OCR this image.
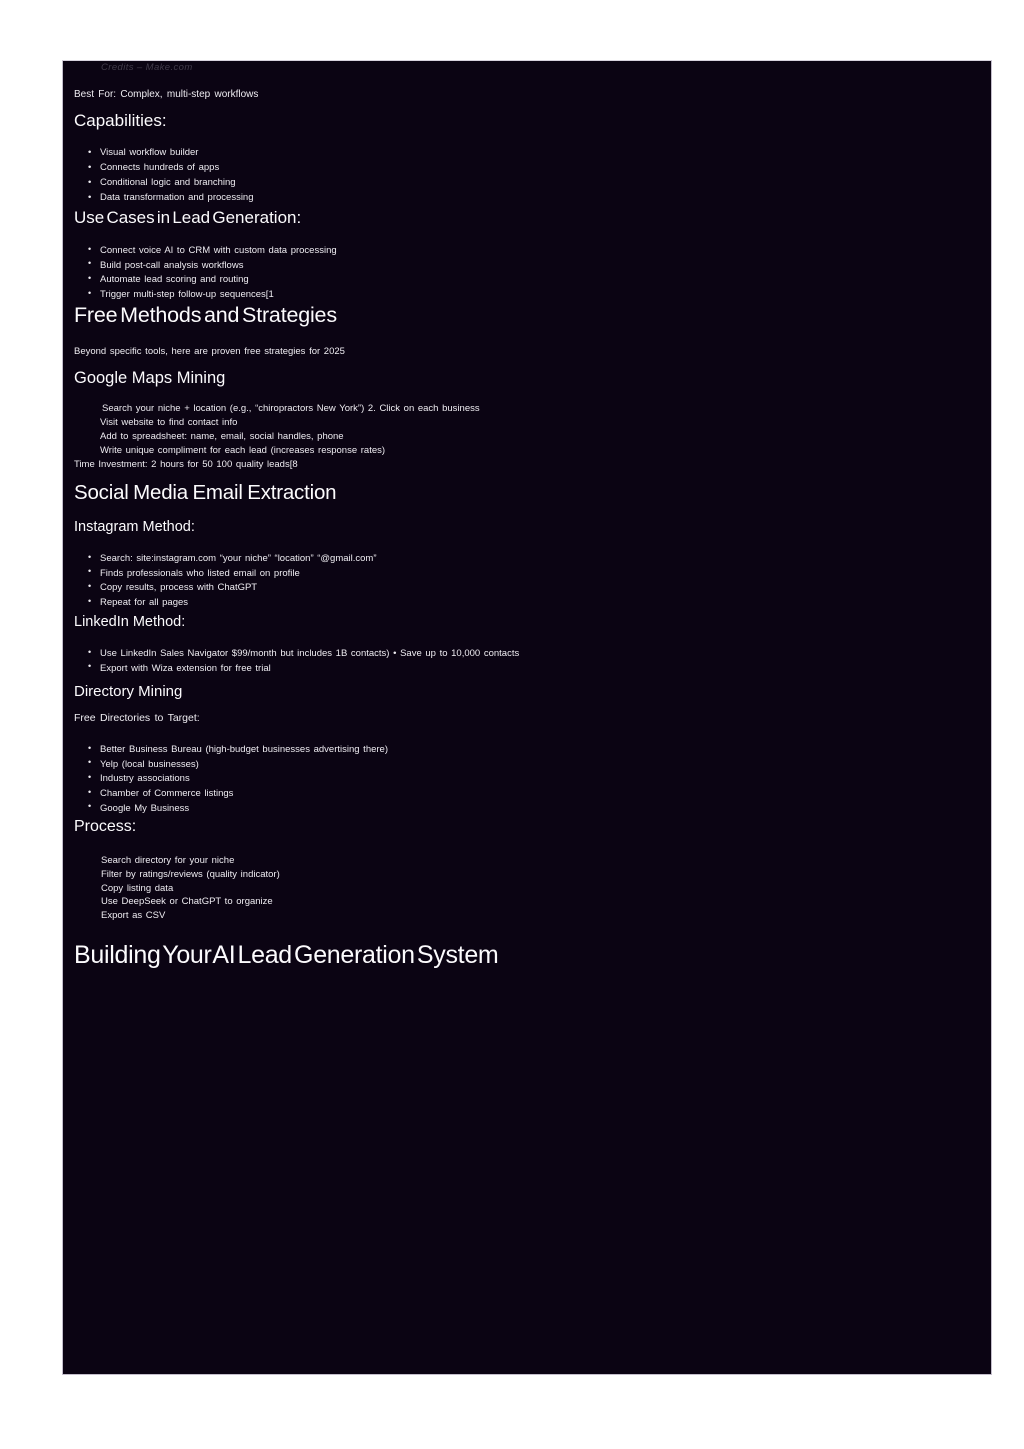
Credits – Make.com
Best For: Complex, multi-step workflows
Capabilities:
•
Visual workflow builder
•
Connects hundreds of apps
•
Conditional logic and branching
•
Data transformation and processing
Use Cases in Lead Generation:
•
Connect voice AI to CRM with custom data processing
•
Build post-call analysis workflows
•
Automate lead scoring and routing
•
Trigger multi-step follow-up sequences[1
Free Methods and Strategies
Beyond specific tools, here are proven free strategies for 2025
Google Maps Mining
Search your niche + location (e.g., “chiropractors New York”) 2. Click on each business
Visit website to find contact info
Add to spreadsheet: name, email, social handles, phone
Write unique compliment for each lead (increases response rates)
Time Investment: 2 hours for 50 100 quality leads[8
Social Media Email Extraction
Instagram Method:
•
Search: site:instagram.com “your niche” “location” “@gmail.com”
•
Finds professionals who listed email on profile
•
Copy results, process with ChatGPT
•
Repeat for all pages
LinkedIn Method:
•
Use LinkedIn Sales Navigator $99/month but includes 1B contacts) • Save up to 10,000 contacts
•
Export with Wiza extension for free trial
Directory Mining
Free Directories to Target:
•
Better Business Bureau (high-budget businesses advertising there)
•
Yelp (local businesses)
•
Industry associations
•
Chamber of Commerce listings
•
Google My Business
Process:
Search directory for your niche
Filter by ratings/reviews (quality indicator)
Copy listing data
Use DeepSeek or ChatGPT to organize
Export as CSV
Building Your AI Lead Generation System
